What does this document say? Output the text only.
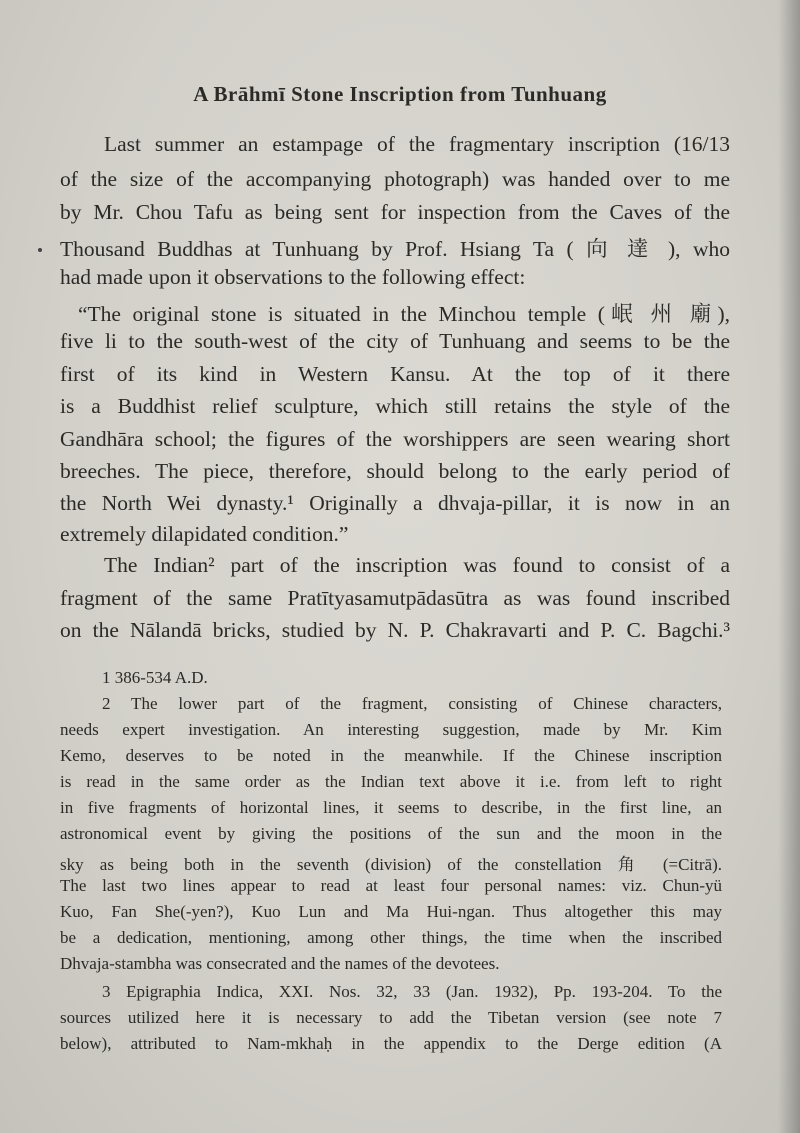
A Brāhmī Stone Inscription from Tunhuang
Last summer an estampage of the fragmentary inscription (16/13
of the size of the accompanying photograph) was handed over to me
by Mr. Chou Tafu as being sent for inspection from the Caves of the
Thousand Buddhas at Tunhuang by Prof. Hsiang Ta ( 向 達 ), who
had made upon it observations to the following effect:
“The original stone is situated in the Minchou temple (岷 州 廟),
five li to the south-west of the city of Tunhuang and seems to be the
first of its kind in Western Kansu. At the top of it there
is a Buddhist relief sculpture, which still retains the style of the
Gandhāra school; the figures of the worshippers are seen wearing short
breeches. The piece, therefore, should belong to the early period of
the North Wei dynasty.¹ Originally a dhvaja-pillar, it is now in an
extremely dilapidated condition.”
The Indian² part of the inscription was found to consist of a
fragment of the same Pratītyasamutpādasūtra as was found inscribed
on the Nālandā bricks, studied by N. P. Chakravarti and P. C. Bagchi.³
1 386-534 A.D.
2 The lower part of the fragment, consisting of Chinese characters,
needs expert investigation. An interesting suggestion, made by Mr. Kim
Kemo, deserves to be noted in the meanwhile. If the Chinese inscription
is read in the same order as the Indian text above it i.e. from left to right
in five fragments of horizontal lines, it seems to describe, in the first line, an
astronomical event by giving the positions of the sun and the moon in the
sky as being both in the seventh (division) of the constellation 角 (=Citrā).
The last two lines appear to read at least four personal names: viz. Chun-yü
Kuo, Fan She(-yen?), Kuo Lun and Ma Hui-ngan. Thus altogether this may
be a dedication, mentioning, among other things, the time when the inscribed
Dhvaja-stambha was consecrated and the names of the devotees.
3 Epigraphia Indica, XXI. Nos. 32, 33 (Jan. 1932), Pp. 193-204. To the
sources utilized here it is necessary to add the Tibetan version (see note 7
below), attributed to Nam-mkhaḥ in the appendix to the Derge edition (A
